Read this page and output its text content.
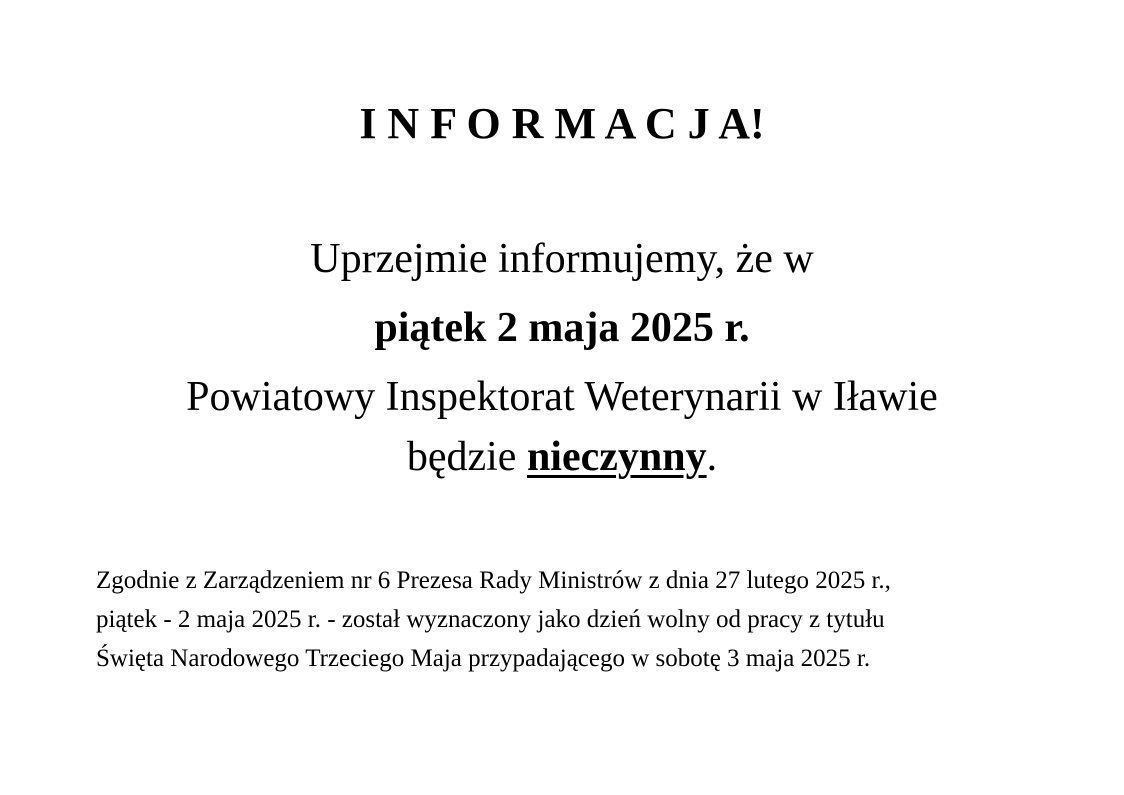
I N F O R M A C J A!
Uprzejmie informujemy, że w
piątek 2 maja 2025 r.
Powiatowy Inspektorat Weterynarii w Iławie
będzie nieczynny.

Zgodnie z Zarządzeniem nr 6 Prezesa Rady Ministrów z dnia 27 lutego 2025 r.,
piątek - 2 maja 2025 r. - został wyznaczony jako dzień wolny od pracy z tytułu
Święta Narodowego Trzeciego Maja przypadającego w sobotę 3 maja 2025 r.
